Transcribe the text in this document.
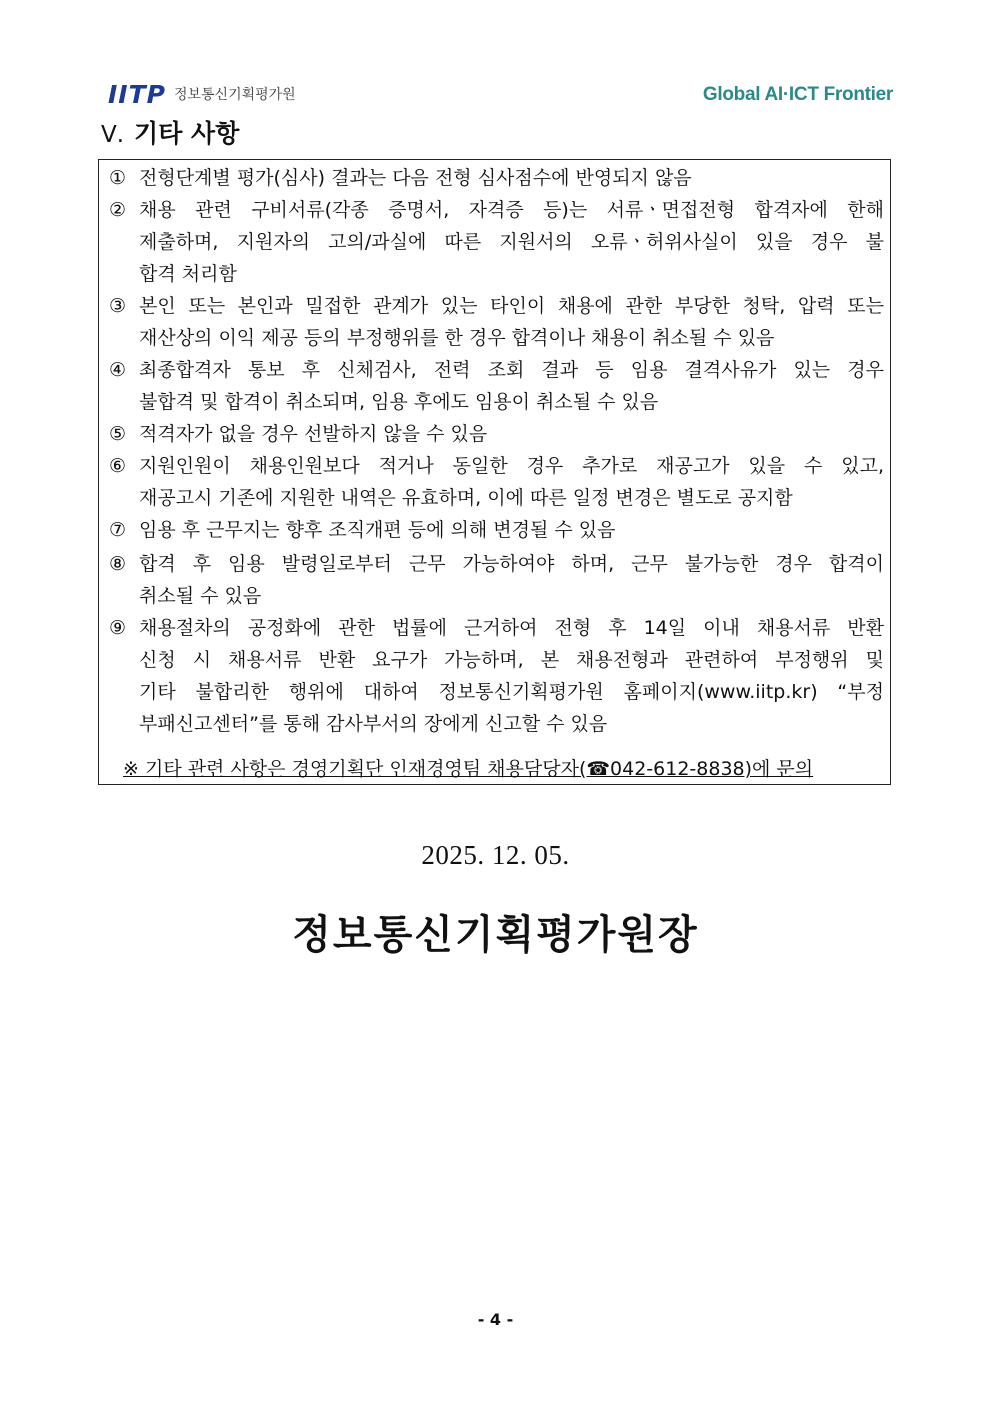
IITP 정보통신기획평가원	Global AI·ICT Frontier
Ⅴ. 기타 사항
① 전형단계별 평가(심사) 결과는 다음 전형 심사점수에 반영되지 않음
② 채용 관련 구비서류(각종 증명서, 자격증 등)는 서류ㆍ면접전형 합격자에 한해
제출하며, 지원자의 고의/과실에 따른 지원서의 오류ㆍ허위사실이 있을 경우 불
합격 처리함
③ 본인 또는 본인과 밀접한 관계가 있는 타인이 채용에 관한 부당한 청탁, 압력 또는
재산상의 이익 제공 등의 부정행위를 한 경우 합격이나 채용이 취소될 수 있음
④ 최종합격자 통보 후 신체검사, 전력 조회 결과 등 임용 결격사유가 있는 경우
불합격 및 합격이 취소되며, 임용 후에도 임용이 취소될 수 있음
⑤ 적격자가 없을 경우 선발하지 않을 수 있음
⑥ 지원인원이 채용인원보다 적거나 동일한 경우 추가로 재공고가 있을 수 있고,
재공고시 기존에 지원한 내역은 유효하며, 이에 따른 일정 변경은 별도로 공지함
⑦ 임용 후 근무지는 향후 조직개편 등에 의해 변경될 수 있음
⑧ 합격 후 임용 발령일로부터 근무 가능하여야 하며, 근무 불가능한 경우 합격이
취소될 수 있음
⑨ 채용절차의 공정화에 관한 법률에 근거하여 전형 후 14일 이내 채용서류 반환
신청 시 채용서류 반환 요구가 가능하며, 본 채용전형과 관련하여 부정행위 및
기타 불합리한 행위에 대하여 정보통신기획평가원 홈페이지(www.iitp.kr) “부정
부패신고센터”를 통해 감사부서의 장에게 신고할 수 있음
※ 기타 관련 사항은 경영기획단 인재경영팀 채용담당자(☎042-612-8838)에 문의
2025. 12. 05.
정보통신기획평가원장
- 4 -
